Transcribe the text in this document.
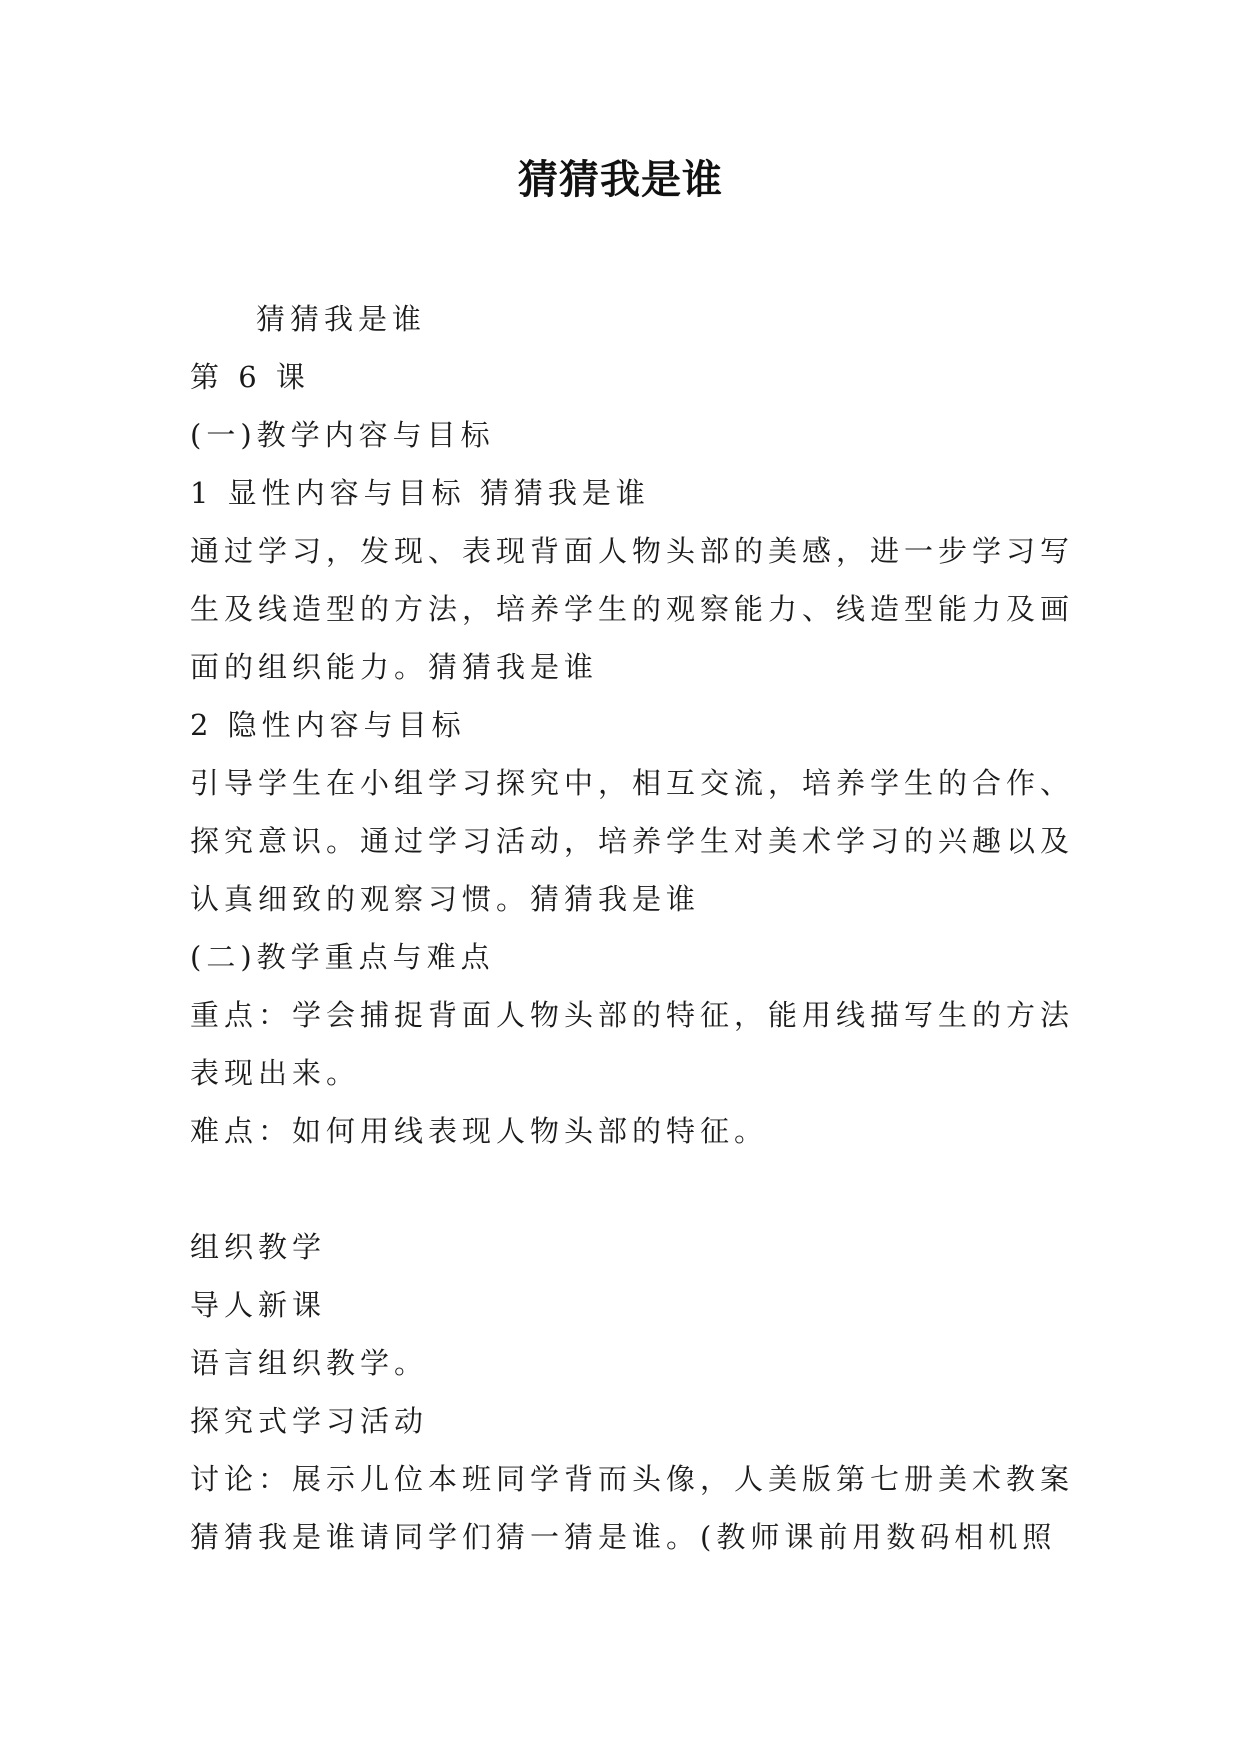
猜猜我是谁
猜猜我是谁
第 6 课
(一)教学内容与目标
1 显性内容与目标 猜猜我是谁
通过学习，发现、表现背面人物头部的美感，进一步学习写
生及线造型的方法，培养学生的观察能力、线造型能力及画
面的组织能力。猜猜我是谁
2 隐性内容与目标
引导学生在小组学习探究中，相互交流，培养学生的合作、
探究意识。通过学习活动，培养学生对美术学习的兴趣以及
认真细致的观察习惯。猜猜我是谁
(二)教学重点与难点
重点：学会捕捉背面人物头部的特征，能用线描写生的方法
表现出来。
难点：如何用线表现人物头部的特征。
组织教学
导人新课
语言组织教学。
探究式学习活动
讨论：展示儿位本班同学背而头像，人美版第七册美术教案
猜猜我是谁请同学们猜一猜是谁。(教师课前用数码相机照
